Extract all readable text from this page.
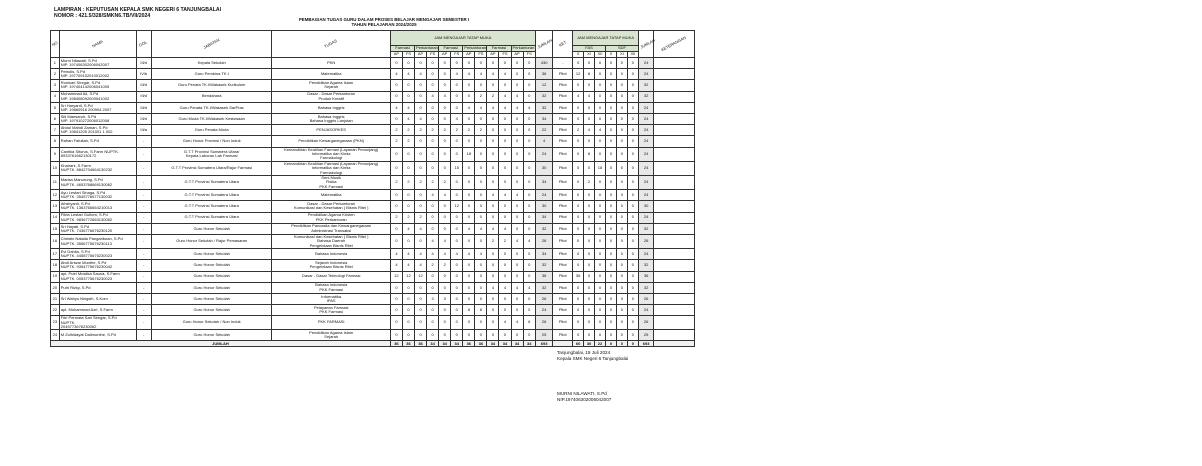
LAMPIRAN : KEPUTUSAN KEPALA SMK NEGERI 6 TANJUNGBALAI
NOMOR : 421.5/328/SMKN6.TB/VII/2024
PEMBAGIAN TUGAS GURU DALAM PROSES BELAJAR MENGAJAR SEMESTER I
TAHUN PELAJARAN 2024/2025
NO	NAMA	GOL	JABATAN	TUGAS	JAM MENGAJAR TATAP MUKA												JUMLAH	KET	JAM MENGAJAR TATAP MUKA						JUMLAH	KETERANGAN
					Farmasi		Perkantoran		Farmasi		Perkantoran		Farmasi		Perkantoran				FAS			SDF				
					AP	FS	AP	FS	AP	FS	AP	FS	AP	FS	AP	FS			X	XI	XII	X	XI	XII		
1	Murni Nilawati, S.Pd
NIP. 197406302006042007	III/d	Kepala Sekolah	PKN	0	0	0	0	0	0	0	0	0	0	0	0	430	-	0	0	0	0	0	0	24	
2	Petrolis, S.Pd
NIP. 197709102010012002	IV/b	Guru Pembina TK.I	Matematika	4	4	4	0	0	4	4	4	4	4	0	0	36	Pilot	12	8	0	0	0	0	24	
3	Ronisari Siregar, S.Pd
NIP. 197404142006041005	III/d	Guru Penata TK.I/Wakasek Kurikulum	Pendidikan Agama Islam
Sejarah	0	0	0	0	0	0	0	0	0	0	0	0	12	Pilot	0	0	0	0	0	0	32	
4	Muhammad Ali, S.Pd
NIP. 198408092009041002	III/d	Bendahara	Dasar - Dasar Perkantoran
Produk Kreatif	0	0	0	4	4	0	0	2	2	4	4	0	32	Pilot	4	4	0	0	0	0	32	
5	Sri Haryanti, S.Pd
NIP. 19860916 200904 2007	III/d	Guru Penata TK.I/Wakasek SarPras	Bahasa Inggris	4	4	0	0	0	0	4	4	4	4	4	4	32	Pilot	0	0	0	0	0	0	24	
6	Siti Maesaroh, S.Pd
NIP. 197910272006012008	III/d	Guru Muda TK.I/Wakasek Kesiswaan	Bahasa Inggris
Bahasa Inggris Lanjutan	0	4	4	0	0	4	0	0	0	0	0	0	34	Pilot	0	0	0	0	0	0	24	
7	Abdul Mahdi Zaman, S.Pd
NIP. 19841205 201001 1 002	III/a	Guru Penata Muda	PENJASORKES	2	2	2	2	2	2	2	2	0	0	0	0	22	Pilot	2	4	4	0	0	0	24	
8	Rahan Fatullah, S.Pd	-	Guru Honor Provinsi / Non Induk	Pendidikan Kewarganegaraan (PKN)	2	2	0	0	0	0	0	0	0	0	0	0	4	Pilot	0	0	0	0	0	0	24	
9	Cantika Sitorus, S.Farm NUPTK.
8933761662130172	-	G.T.T Provinsi Sumatera Utara/
Kepala Laboran Lab Farmasi	Kemandirian Keahlian Farmasi (Layanan Penunjang)
Informatika dan Kimia
Farmakologi	0	0	0	0	0	0	18	0	0	0	0	0	24	Pilot	0	8	0	0	0	0	24	
10	Khairani, S.Farm
NUPTK. 8842734664130232	-	G.T.T Provinsi Sumatera Utara/Rajur Farmasi	Kemandirian Keahlian Farmasi (Layanan Penunjang)
Informatika dan Kimia
Farmakologi	0	0	0	0	0	15	0	0	0	0	0	0	30	Pilot	0	0	18	0	0	0	24	
11	Marisa Manurung, S.Pd
NUPTK. 4653768669130062	-	G.T.T Provinsi Sumatera Utara	Seni Musik
Fisika
PKK Farmasi	2	2	2	2	2	0	0	0	0	0	0	0	34	Pilot	0	2	0	0	0	0	24	
12	Ayu Lestari Sinaga, S.Pd
NUPTK. 3545776677130032	-	G.T.T Provinsi Sumatera Utara	Matematika	0	0	0	4	4	0	0	0	4	4	4	0	24	Pilot	0	0	0	0	0	0	24	
13	Afrahyanti, S.Pd
NUPTK. 1363766664210013	-	G.T.T Provinsi Sumatera Utara	Dasar - Dasar Perkantoran
Komunikasi dan Kesehatan ( Bisnis Ritel )	0	0	0	0	0	12	0	0	0	0	0	0	30	Pilot	0	0	0	0	0	0	30	
14	Fitria Lestari Gultom, S.Pd
NUPTK. 9836772663130062	-	G.T.T Provinsi Sumatera Utara	Pendidikan Agama Kristen
PKK Perkantoran	2	2	2	0	0	0	0	0	0	0	0	0	34	Pilot	0	0	0	0	0	0	24	
15	Sri Hayati, S.Pd
NUPTK. 7436776676230120	-	Guru Honor Sekolah	Pendidikan Pancasila dan Kewarganegaraan
Administrasi Transaksi	0	4	4	0	0	0	4	4	4	4	0	0	32	Pilot	0	0	0	0	0	0	32	
16	Christin Natalia Pangaribuan, S.Pd
NUPTK. 3556775676230113	-	Guru Honor Sekolah / Rajur Pemasaran	Komunikasi dan Kesehatan ( Bisnis Ritel )
Bahasa Daerah
Pengelolaan Bisnis Ritel	0	0	0	4	4	0	0	0	2	2	4	4	26	Pilot	0	0	0	0	0	0	26	
17	Evi Dahlia, S.Pd
NUPTK. 4458775676230023	-	Guru Honor Sekolah	Bahasa Indonesia	4	4	4	4	4	4	4	4	0	0	0	0	34	Pilot	0	0	0	0	0	0	24	
18	Abdi Anwar Munthe, S.Pd
NUPTK. 9354775676230042	-	Guru Honor Sekolah	Sejarah Indonesia
Pengelolaan Bisnis Ritel	4	4	4	2	2	0	0	0	0	0	0	0	32	Pilot	0	0	0	0	0	0	32	
19	apt. Putri Mustika Sauna, S.Farm
NUPTK. 0053775676230023	-	Guru Honor Sekolah	Dasar - Dasar Teknologi Farmasi	12	12	12	0	0	0	0	0	0	0	0	0	36	Pilot	36	0	0	0	0	0	36	
20	Putri Rizky, S.Pd	-	Guru Honor Sekolah	Bahasa Indonesia
PKK Farmasi	0	0	0	0	0	0	0	0	4	4	4	4	32	Pilot	0	0	0	0	0	0	32	
21	Sri Wahyu Ningsih, S.Kom	-	Guru Honor Sekolah	Informatika
IPAS	0	0	0	3	3	0	0	0	0	0	0	0	26	Pilot	0	0	0	0	0	0	26	
22	apt. Muhammad Azri, S.Farm	-	Guru Honor Sekolah	Pelayanan Farmasi
PKK Farmasi	0	0	0	0	0	0	8	8	0	0	0	0	24	Pilot	0	0	0	0	0	0	24	
23	Fitri Permata Sari Siregar, S.Pd
NUPTK.
2045773676230062	-	Guru Honor Sekolah / Non Induk	PKK FARMASI	0	0	0	0	0	0	0	0	0	4	4	6	26	Pilot	0	0	0	0	0	0	26	
24	M Zulhidayat Dalimunthe, S.Pd	-	Guru Honor Sekolah	Pendidikan Agama Islam
Sejarah	0	0	0	0	0	0	0	0	0	0	0	0	25	Pilot	0	0	0	0	0	0	25	
JUMLAH					36	36	36	34	34	34	36	36	34	34	34	34	693		60	30	22	0	0	0	693	
Tanjungbalai, 19 Juli 2024
Kepala SMK Negeri 6 Tanjungbalai
MURNI NILAWATI, S.Pd
NIP.197406302006042007
